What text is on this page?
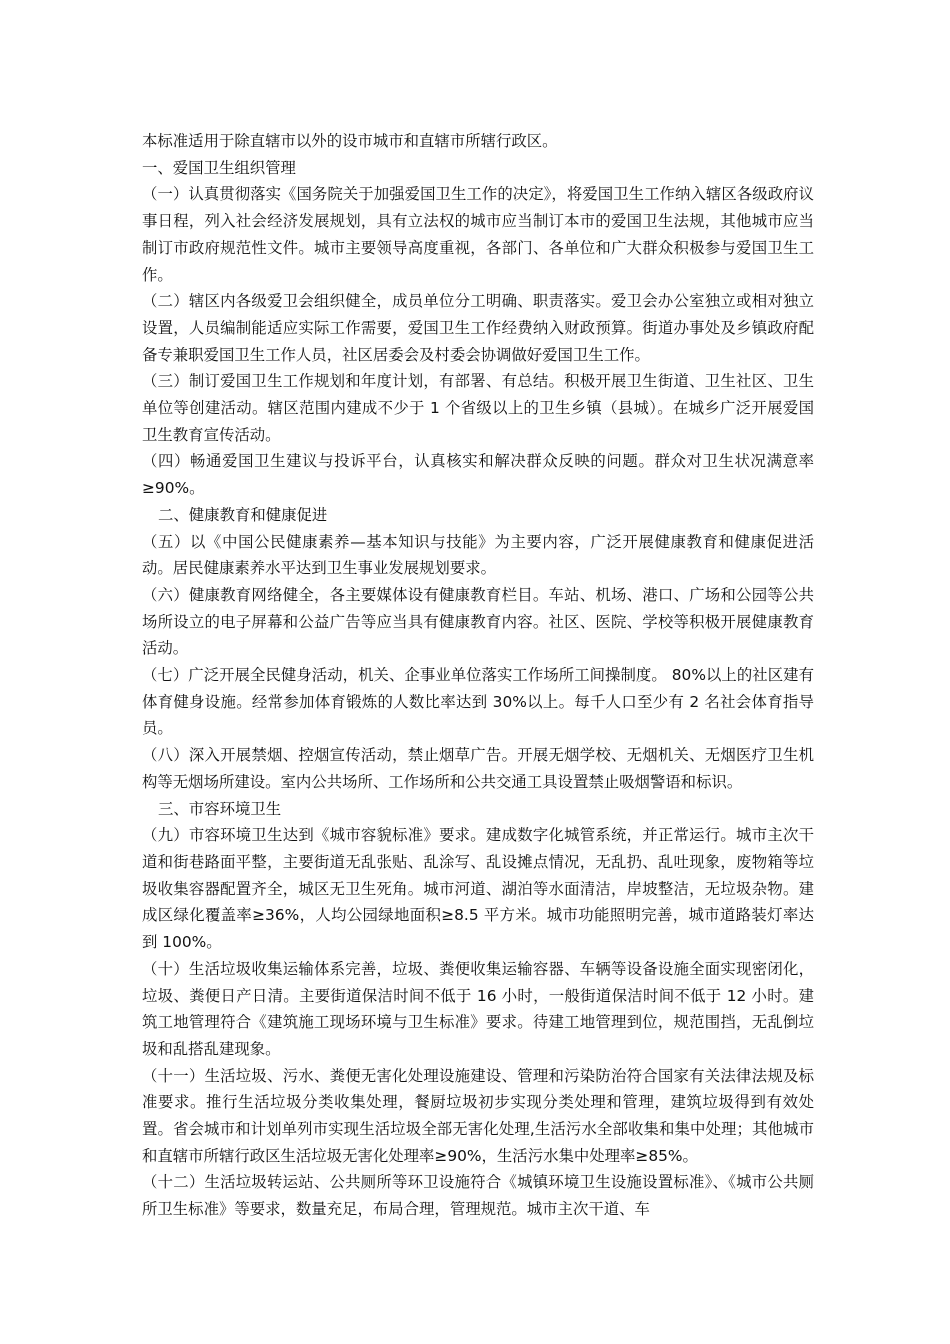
本标准适用于除直辖市以外的设市城市和直辖市所辖行政区。

一、爱国卫生组织管理

（一）认真贯彻落实《国务院关于加强爱国卫生工作的决定》，将爱国卫生工作纳入辖区各级政府议事日程，列入社会经济发展规划，具有立法权的城市应当制订本市的爱国卫生法规，其他城市应当制订市政府规范性文件。城市主要领导高度重视，各部门、各单位和广大群众积极参与爱国卫生工作。

（二）辖区内各级爱卫会组织健全，成员单位分工明确、职责落实。爱卫会办公室独立或相对独立设置，人员编制能适应实际工作需要，爱国卫生工作经费纳入财政预算。街道办事处及乡镇政府配备专兼职爱国卫生工作人员，社区居委会及村委会协调做好爱国卫生工作。

（三）制订爱国卫生工作规划和年度计划，有部署、有总结。积极开展卫生街道、卫生社区、卫生单位等创建活动。辖区范围内建成不少于 1 个省级以上的卫生乡镇（县城）。在城乡广泛开展爱国卫生教育宣传活动。

（四）畅通爱国卫生建议与投诉平台，认真核实和解决群众反映的问题。群众对卫生状况满意率≥90%。

二、健康教育和健康促进

（五）以《中国公民健康素养—基本知识与技能》为主要内容，广泛开展健康教育和健康促进活动。居民健康素养水平达到卫生事业发展规划要求。

（六）健康教育网络健全，各主要媒体设有健康教育栏目。车站、机场、港口、广场和公园等公共场所设立的电子屏幕和公益广告等应当具有健康教育内容。社区、医院、学校等积极开展健康教育活动。

（七）广泛开展全民健身活动，机关、企事业单位落实工作场所工间操制度。 80%以上的社区建有体育健身设施。经常参加体育锻炼的人数比率达到 30%以上。每千人口至少有 2 名社会体育指导员。

（八）深入开展禁烟、控烟宣传活动，禁止烟草广告。开展无烟学校、无烟机关、无烟医疗卫生机构等无烟场所建设。室内公共场所、工作场所和公共交通工具设置禁止吸烟警语和标识。

三、市容环境卫生

（九）市容环境卫生达到《城市容貌标准》要求。建成数字化城管系统，并正常运行。城市主次干道和街巷路面平整，主要街道无乱张贴、乱涂写、乱设摊点情况，无乱扔、乱吐现象，废物箱等垃圾收集容器配置齐全，城区无卫生死角。城市河道、湖泊等水面清洁，岸坡整洁，无垃圾杂物。建成区绿化覆盖率≥36%，人均公园绿地面积≥8.5 平方米。城市功能照明完善，城市道路装灯率达到 100%。

（十）生活垃圾收集运输体系完善，垃圾、粪便收集运输容器、车辆等设备设施全面实现密闭化，垃圾、粪便日产日清。主要街道保洁时间不低于 16 小时，一般街道保洁时间不低于 12 小时。建筑工地管理符合《建筑施工现场环境与卫生标准》要求。待建工地管理到位，规范围挡，无乱倒垃圾和乱搭乱建现象。

（十一）生活垃圾、污水、粪便无害化处理设施建设、管理和污染防治符合国家有关法律法规及标准要求。推行生活垃圾分类收集处理，餐厨垃圾初步实现分类处理和管理，建筑垃圾得到有效处置。省会城市和计划单列市实现生活垃圾全部无害化处理,生活污水全部收集和集中处理；其他城市和直辖市所辖行政区生活垃圾无害化处理率≥90%，生活污水集中处理率≥85%。

（十二）生活垃圾转运站、公共厕所等环卫设施符合《城镇环境卫生设施设置标准》、《城市公共厕所卫生标准》等要求，数量充足，布局合理，管理规范。城市主次干道、车
